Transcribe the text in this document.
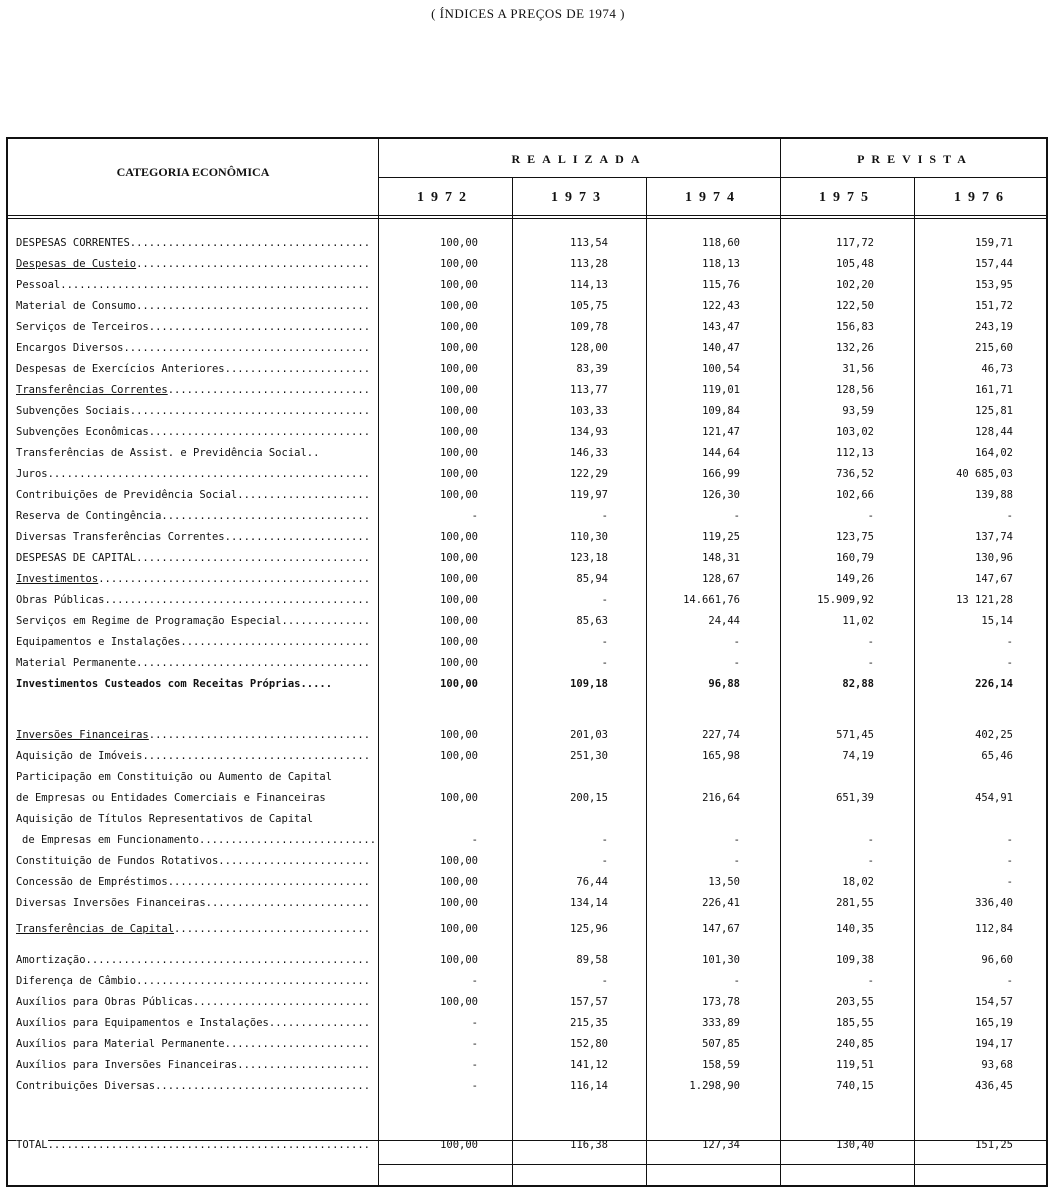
( ÍNDICES A PREÇOS DE 1974 )
CATEGORIA ECONÔMICA
REALIZADA	PREVISTA
1972	1973	1974	1975	1976
DESPESAS CORRENTES .....	100,00	113,54	118,60	117,72	159,71
Despesas de Custeio .....	100,00	113,28	118,13	105,48	157,44
Pessoal .....	100,00	114,13	115,76	102,20	153,95
Material de Consumo .....	100,00	105,75	122,43	122,50	151,72
Serviços de Terceiros .....	100,00	109,78	143,47	156,83	243,19
Encargos Diversos .....	100,00	128,00	140,47	132,26	215,60
Despesas de Exercícios Anteriores .....	100,00	83,39	100,54	31,56	46,73
Transferências Correntes .....	100,00	113,77	119,01	128,56	161,71
Subvenções Sociais .....	100,00	103,33	109,84	93,59	125,81
Subvenções Econômicas .....	100,00	134,93	121,47	103,02	128,44
Transferências de Assist. e Previdência Social..	100,00	146,33	144,64	112,13	164,02
Juros .....	100,00	122,29	166,99	736,52	40 685,03
Contribuições de Previdência Social .....	100,00	119,97	126,30	102,66	139,88
Reserva de Contingência .....	-	-	-	-	-
Diversas Transferências Correntes .....	100,00	110,30	119,25	123,75	137,74
DESPESAS DE CAPITAL .....	100,00	123,18	148,31	160,79	130,96
Investimentos .....	100,00	85,94	128,67	149,26	147,67
Obras Públicas .....	100,00	-	14.661,76	15.909,92	13 121,28
Serviços em Regime de Programação Especial .....	100,00	85,63	24,44	11,02	15,14
Equipamentos e Instalações .....	100,00	-	-	-	-
Material Permanente .....	100,00	-	-	-	-
Investimentos Custeados com Receitas Próprias.....	100,00	109,18	96,88	82,88	226,14
Inversões Financeiras .....	100,00	201,03	227,74	571,45	402,25
Aquisição de Imóveis .....	100,00	251,30	165,98	74,19	65,46
Participação em Constituição ou Aumento de Capital
de Empresas ou Entidades Comerciais e Financeiras	100,00	200,15	216,64	651,39	454,91
Aquisição de Títulos Representativos de Capital
de Empresas em Funcionamento .....	-	-	-	-	-
Constituição de Fundos Rotativos .....	100,00	-	-	-	-
Concessão de Empréstimos .....	100,00	76,44	13,50	18,02	-
Diversas Inversões Financeiras .....	100,00	134,14	226,41	281,55	336,40
Transferências de Capital .....	100,00	125,96	147,67	140,35	112,84
Amortização .....	100,00	89,58	101,30	109,38	96,60
Diferença de Câmbio .....	-	-	-	-	-
Auxílios para Obras Públicas .....	100,00	157,57	173,78	203,55	154,57
Auxílios para Equipamentos e Instalações .....	-	215,35	333,89	185,55	165,19
Auxílios para Material Permanente .....	-	152,80	507,85	240,85	194,17
Auxílios para Inversões Financeiras .....	-	141,12	158,59	119,51	93,68
Contribuições Diversas .....	-	116,14	1.298,90	740,15	436,45
TOTAL .....	100,00	116,38	127,34	130,40	151,25
